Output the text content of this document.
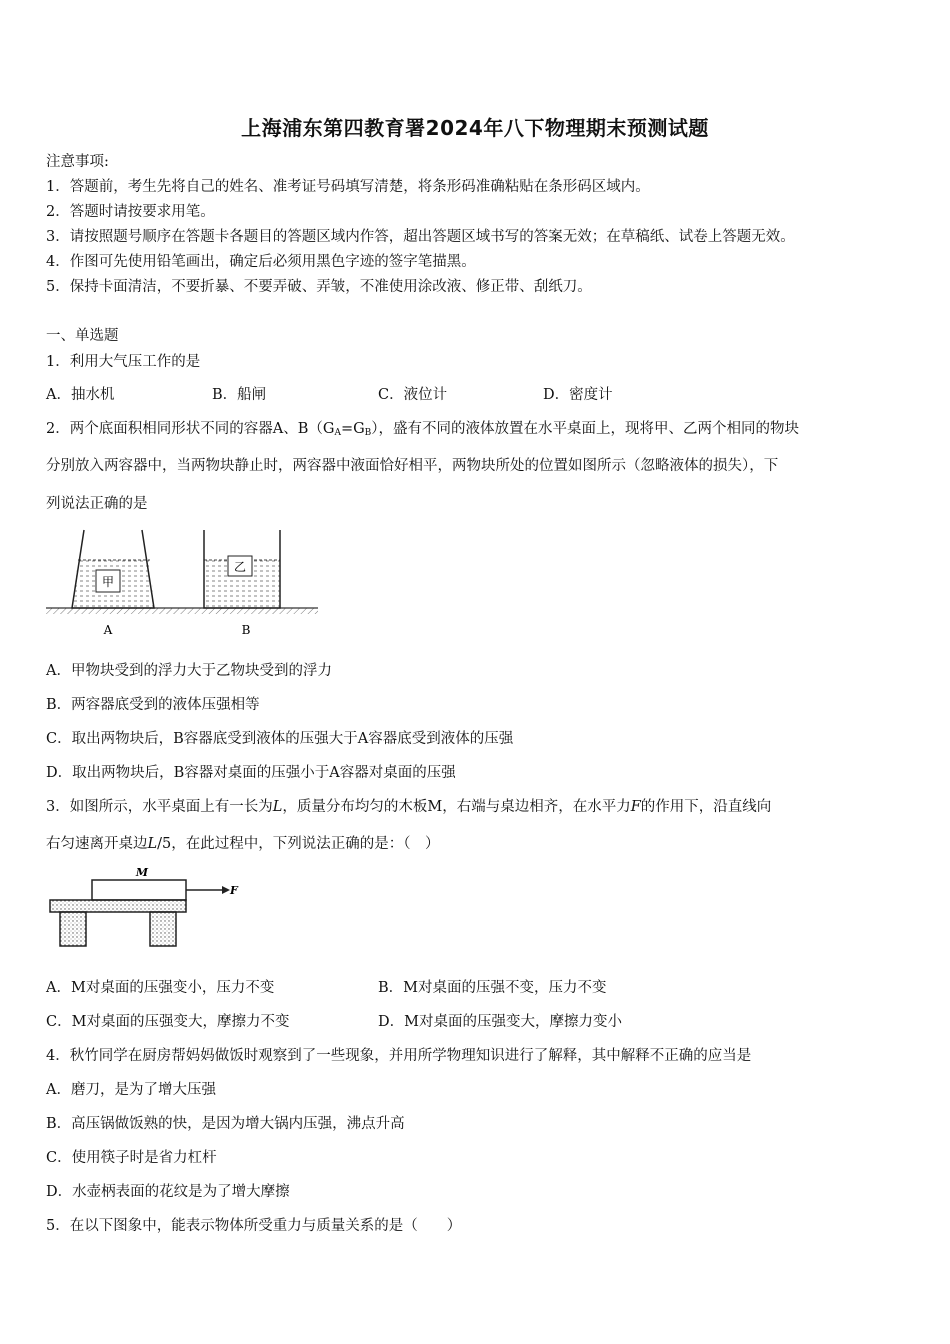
上海浦东第四教育署2024年八下物理期末预测试题
注意事项:
1．答题前，考生先将自己的姓名、准考证号码填写清楚，将条形码准确粘贴在条形码区域内。
2．答题时请按要求用笔。
3．请按照题号顺序在答题卡各题目的答题区域内作答，超出答题区域书写的答案无效；在草稿纸、试卷上答题无效。
4．作图可先使用铅笔画出，确定后必须用黑色字迹的签字笔描黑。
5．保持卡面清洁，不要折暴、不要弄破、弄皱，不准使用涂改液、修正带、刮纸刀。
一、单选题
1．利用大气压工作的是
A．抽水机	B．船闸	C．液位计	D．密度计
2．两个底面积相同形状不同的容器A、$B(G_A=G_B)$，盛有不同的液体放置在水平桌面上，现将甲、乙两个相同的物块
分别放入两容器中，当两物块静止时，两容器中液面恰好相平，两物块所处的位置如图所示（忽略液体的损失），下
列说法正确的是
甲
乙
A	B
A．甲物块受到的浮力大于乙物块受到的浮力
B．两容器底受到的液体压强相等
C．取出两物块后，B容器底受到液体的压强大于A容器底受到液体的压强
D．取出两物块后，B容器对桌面的压强小于A容器对桌面的压强
3．如图所示，水平桌面上有一长为L，质量分布均匀的木板M，右端与桌边相齐，在水平力F的作用下，沿直线向
右匀速离开桌边L/5，在此过程中，下列说法正确的是：（　）
M
F
A．M对桌面的压强变小，压力不变	B．M对桌面的压强不变，压力不变
C．M对桌面的压强变大，摩擦力不变	D．M对桌面的压强变大，摩擦力变小
4．秋竹同学在厨房帮妈妈做饭时观察到了一些现象，并用所学物理知识进行了解释，其中解释不正确的应当是
A．磨刀，是为了增大压强
B．高压锅做饭熟的快，是因为增大锅内压强，沸点升高
C．使用筷子时是省力杠杆
D．水壶柄表面的花纹是为了增大摩擦
5．在以下图象中，能表示物体所受重力与质量关系的是（　　）
